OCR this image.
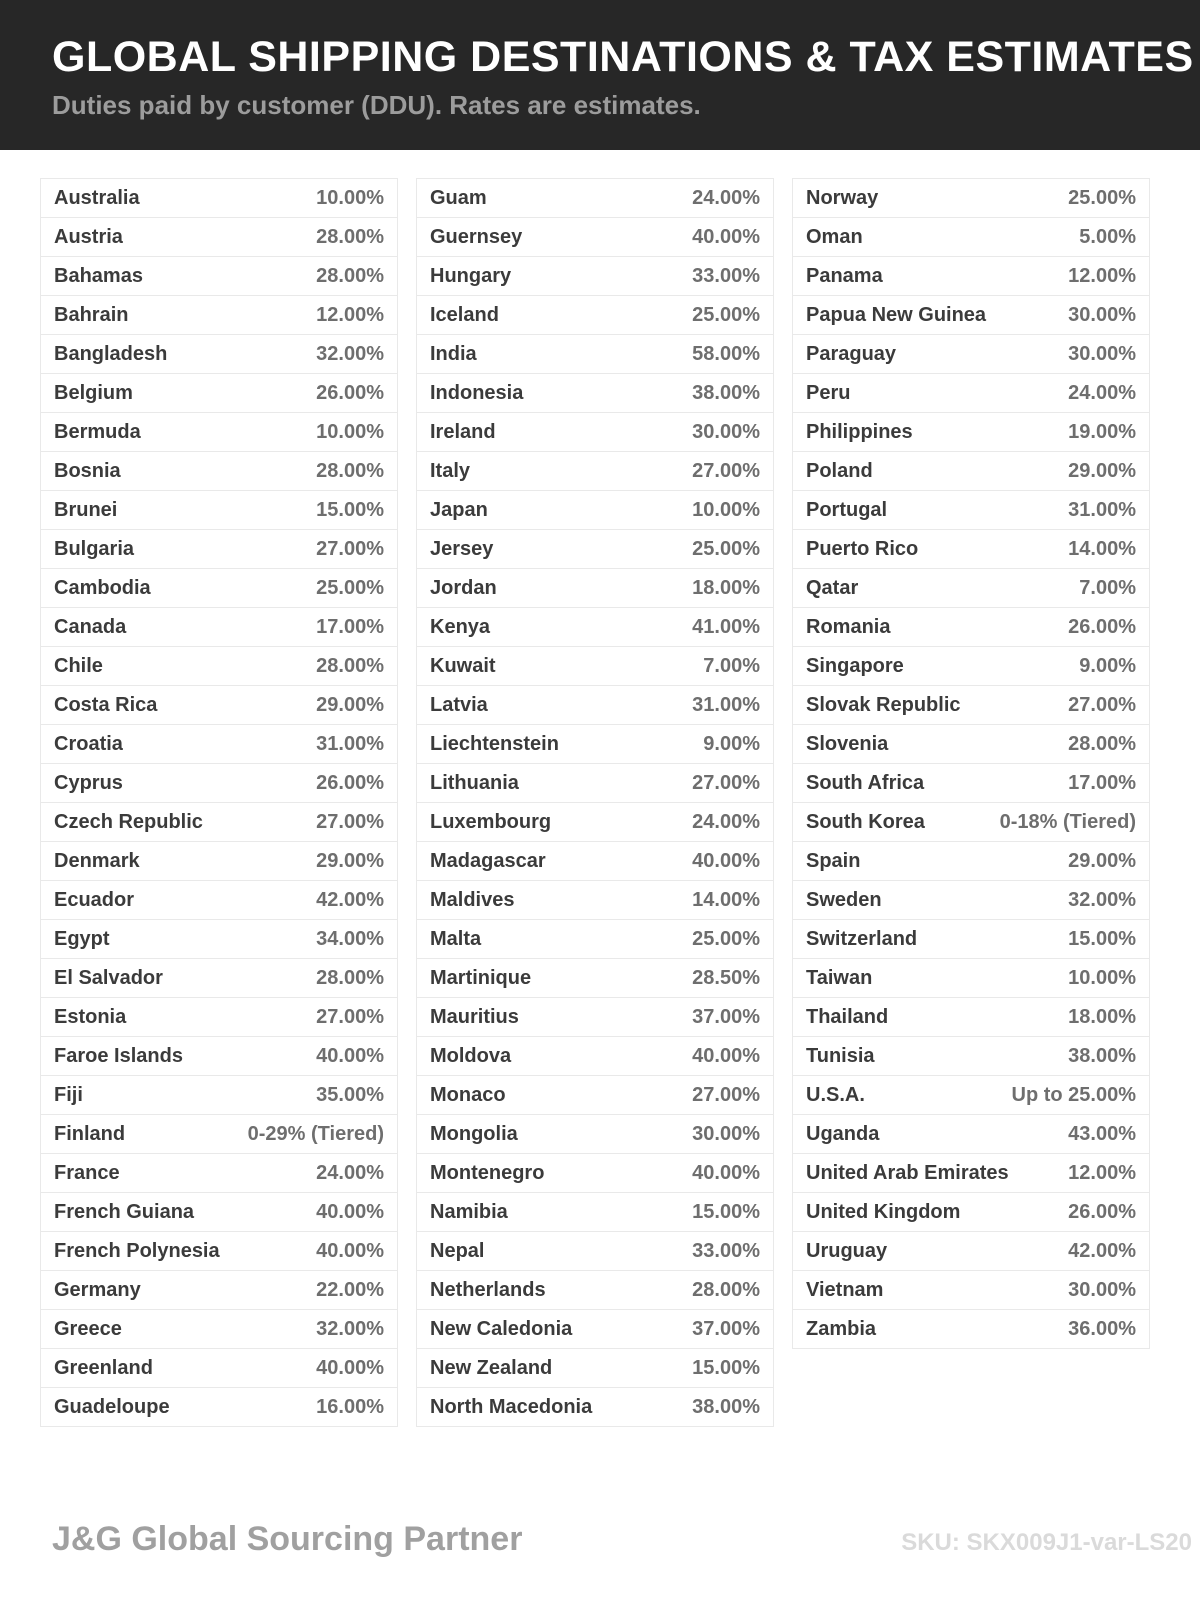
GLOBAL SHIPPING DESTINATIONS & TAX ESTIMATES
Duties paid by customer (DDU). Rates are estimates.
Australia	10.00%
Austria	28.00%
Bahamas	28.00%
Bahrain	12.00%
Bangladesh	32.00%
Belgium	26.00%
Bermuda	10.00%
Bosnia	28.00%
Brunei	15.00%
Bulgaria	27.00%
Cambodia	25.00%
Canada	17.00%
Chile	28.00%
Costa Rica	29.00%
Croatia	31.00%
Cyprus	26.00%
Czech Republic	27.00%
Denmark	29.00%
Ecuador	42.00%
Egypt	34.00%
El Salvador	28.00%
Estonia	27.00%
Faroe Islands	40.00%
Fiji	35.00%
Finland	0-29% (Tiered)
France	24.00%
French Guiana	40.00%
French Polynesia	40.00%
Germany	22.00%
Greece	32.00%
Greenland	40.00%
Guadeloupe	16.00%
Guam	24.00%
Guernsey	40.00%
Hungary	33.00%
Iceland	25.00%
India	58.00%
Indonesia	38.00%
Ireland	30.00%
Italy	27.00%
Japan	10.00%
Jersey	25.00%
Jordan	18.00%
Kenya	41.00%
Kuwait	7.00%
Latvia	31.00%
Liechtenstein	9.00%
Lithuania	27.00%
Luxembourg	24.00%
Madagascar	40.00%
Maldives	14.00%
Malta	25.00%
Martinique	28.50%
Mauritius	37.00%
Moldova	40.00%
Monaco	27.00%
Mongolia	30.00%
Montenegro	40.00%
Namibia	15.00%
Nepal	33.00%
Netherlands	28.00%
New Caledonia	37.00%
New Zealand	15.00%
North Macedonia	38.00%
Norway	25.00%
Oman	5.00%
Panama	12.00%
Papua New Guinea	30.00%
Paraguay	30.00%
Peru	24.00%
Philippines	19.00%
Poland	29.00%
Portugal	31.00%
Puerto Rico	14.00%
Qatar	7.00%
Romania	26.00%
Singapore	9.00%
Slovak Republic	27.00%
Slovenia	28.00%
South Africa	17.00%
South Korea	0-18% (Tiered)
Spain	29.00%
Sweden	32.00%
Switzerland	15.00%
Taiwan	10.00%
Thailand	18.00%
Tunisia	38.00%
U.S.A.	Up to 25.00%
Uganda	43.00%
United Arab Emirates	12.00%
United Kingdom	26.00%
Uruguay	42.00%
Vietnam	30.00%
Zambia	36.00%
J&G Global Sourcing Partner	SKU: SKX009J1-var-LS20
